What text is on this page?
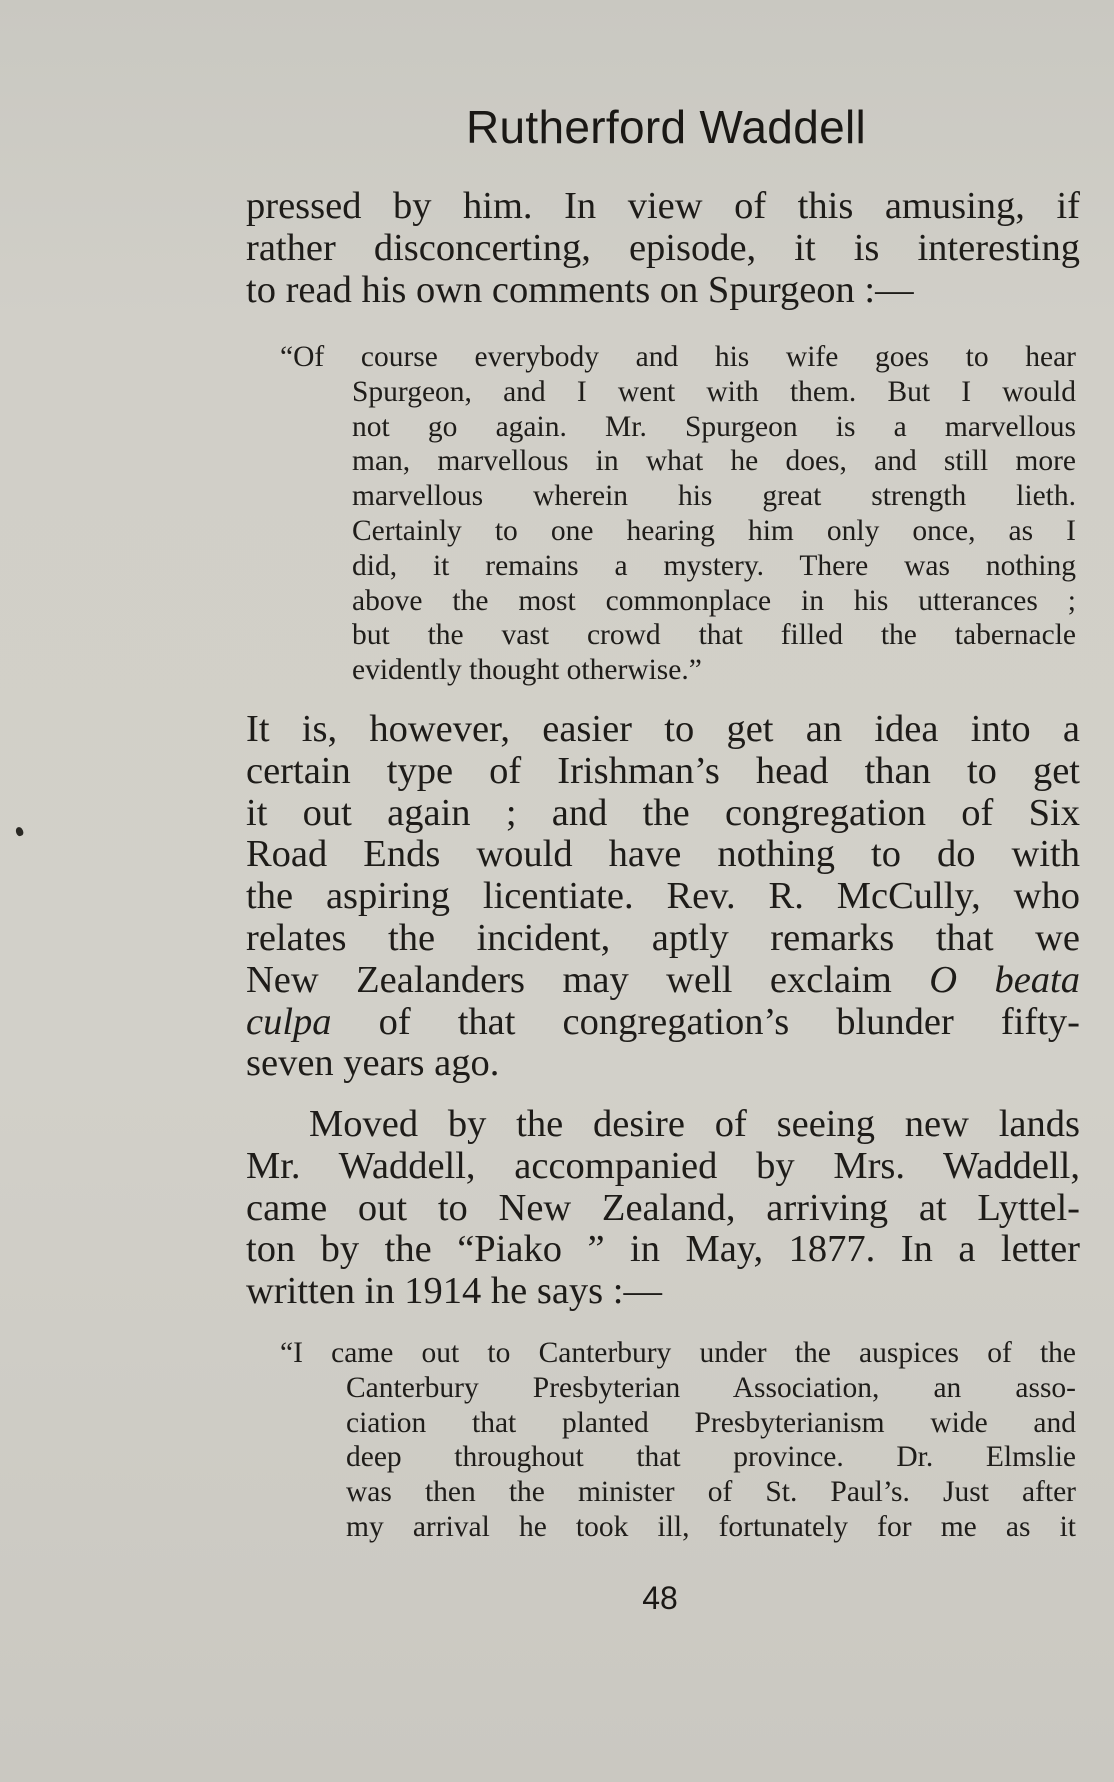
Rutherford Waddell

pressed by him. In view of this amusing, if
rather disconcerting, episode, it is interesting
to read his own comments on Spurgeon :—

“Of course everybody and his wife goes to hear
Spurgeon, and I went with them. But I would
not go again. Mr. Spurgeon is a marvellous
man, marvellous in what he does, and still more
marvellous wherein his great strength lieth.
Certainly to one hearing him only once, as I
did, it remains a mystery. There was nothing
above the most commonplace in his utterances ;
but the vast crowd that filled the tabernacle
evidently thought otherwise.”

It is, however, easier to get an idea into a
certain type of Irishman’s head than to get
it out again ; and the congregation of Six
Road Ends would have nothing to do with
the aspiring licentiate. Rev. R. McCully, who
relates the incident, aptly remarks that we
New Zealanders may well exclaim O beata
culpa of that congregation’s blunder fifty-
seven years ago.

Moved by the desire of seeing new lands
Mr. Waddell, accompanied by Mrs. Waddell,
came out to New Zealand, arriving at Lyttel-
ton by the “Piako ” in May, 1877. In a letter
written in 1914 he says :—

“I came out to Canterbury under the auspices of the
Canterbury Presbyterian Association, an asso-
ciation that planted Presbyterianism wide and
deep throughout that province. Dr. Elmslie
was then the minister of St. Paul’s. Just after
my arrival he took ill, fortunately for me as it
48
